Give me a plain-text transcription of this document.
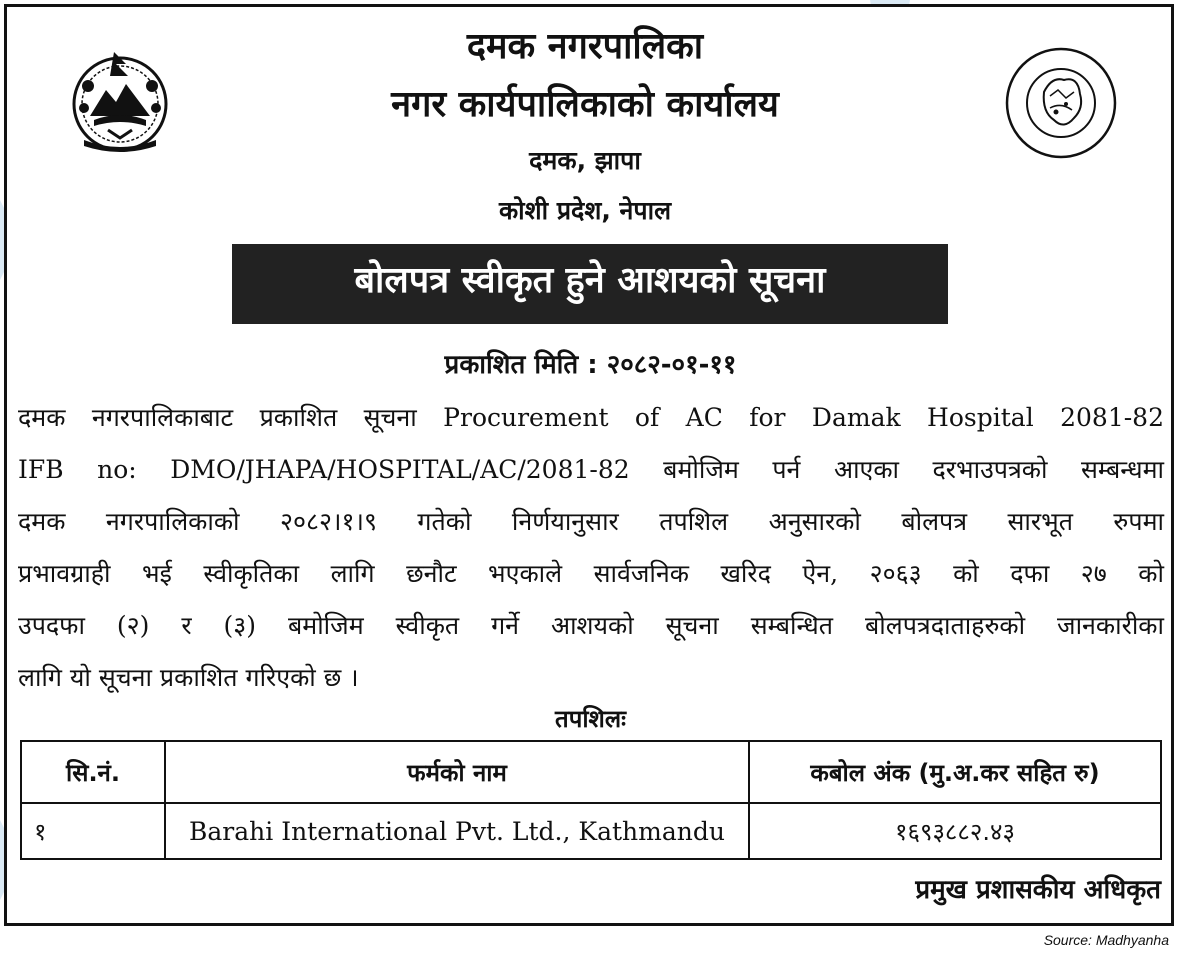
दमक नगरपालिका
नगर कार्यपालिकाको कार्यालय
दमक, झापा
कोशी प्रदेश, नेपाल
बोलपत्र स्वीकृत हुने आशयको सूचना
प्रकाशित मिति : २०८२-०१-११
दमक नगरपालिकाबाट प्रकाशित सूचना Procurement of AC for Damak Hospital 2081-82
IFB no: DMO/JHAPA/HOSPITAL/AC/2081-82 बमोजिम पर्न आएका दरभाउपत्रको सम्बन्धमा
दमक नगरपालिकाको २०८२।१।९ गतेको निर्णयानुसार तपशिल अनुसारको बोलपत्र सारभूत रुपमा
प्रभावग्राही भई स्वीकृतिका लागि छनौट भएकाले सार्वजनिक खरिद ऐन, २०६३ को दफा २७ को
उपदफा (२) र (३) बमोजिम स्वीकृत गर्ने आशयको सूचना सम्बन्धित बोलपत्रदाताहरुको जानकारीका
लागि यो सूचना प्रकाशित गरिएको छ ।
तपशिलः
सि.नं.	फर्मको नाम	कबोल अंक (मु.अ.कर सहित रु)
१	Barahi International Pvt. Ltd., Kathmandu	१६९३८८२.४३
प्रमुख प्रशासकीय अधिकृत
Source: Madhyanha
